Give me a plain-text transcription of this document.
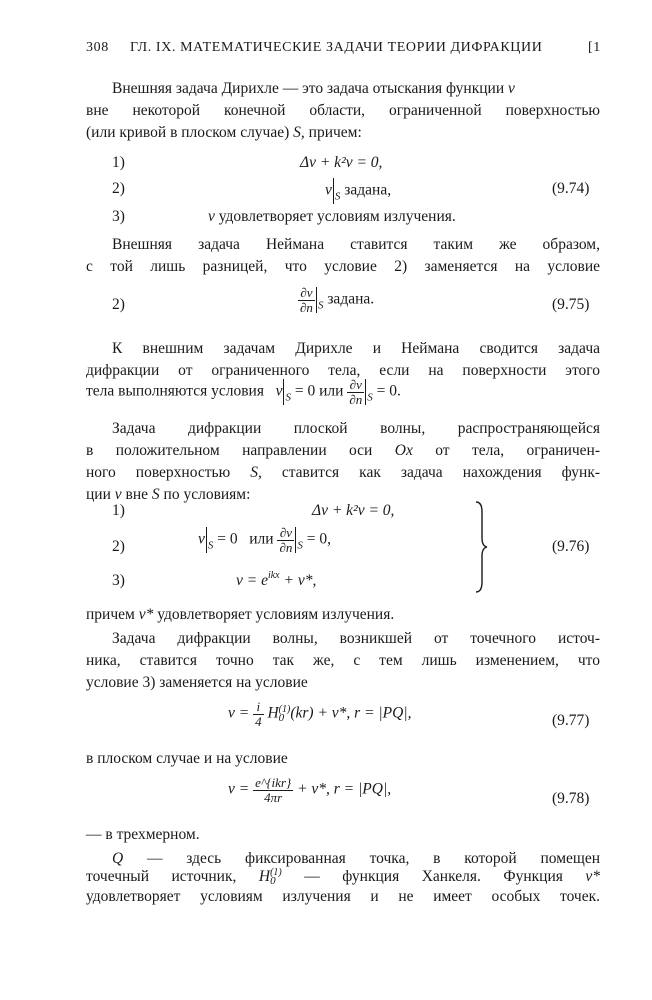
308 ГЛ. IX. МАТЕМАТИЧЕСКИЕ ЗАДАЧИ ТЕОРИИ ДИФРАКЦИИ	[1
Внешняя задача Дирихле — это задача отыскания функции v
вне некоторой конечной области, ограниченной поверхностью
(или кривой в плоском случае) S, причем:
1)	Δv + k²v = 0,
2)	v $_S$ задана,	(9.74)
3)	v удовлетворяет условиям излучения.
Внешняя задача Неймана ставится таким же образом,
с той лишь разницей, что условие 2) заменяется на условие
2)	$\frac{\partial v}{\partial n} _S$ задана.	(9.75)
К внешним задачам Дирихле и Неймана сводится задача
дифракции от ограниченного тела, если на поверхности этого
тела выполняются условия v $_S$ = 0 или $\frac{\partial v}{\partial n} _S = 0$.
Задача дифракции плоской волны, распространяющейся
в положительном направлении оси Ox от тела, ограничен-
ного поверхностью S, ставится как задача нахождения функ-
ции v вне S по условиям:
1)	Δv + k²v = 0,
2)	v $_S$ = 0 или $\frac{\partial v}{\partial n} _S = 0$,
3)	$v = e^{ikx} + v*$,
(9.76)
причем v* удовлетворяет условиям излучения.
Задача дифракции волны, возникшей от точечного источ-
ника, ставится точно так же, с тем лишь изменением, что
условие 3) заменяется на условие
$v = \frac{i}{4}$ H (1)
0 (kr) + v*, r = |PQ|,	(9.77)
в плоском случае и на условие
$v = \frac{\text{e\textasciicircum{}\{ikr\}}}{4\pi r} + v*$, r = |PQ|,
(9.78)
— в трехмерном.
Q — здесь фиксированная точка, в которой помещен
точечный источник, H (1)
0	— функция Ханкеля. Функция v*
удовлетворяет условиям излучения и не имеет особых точек.
